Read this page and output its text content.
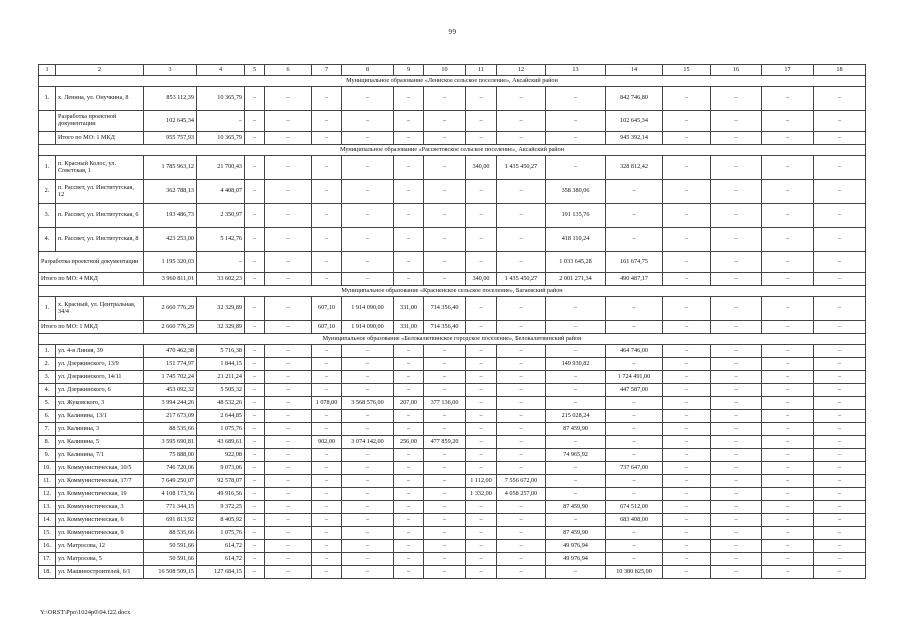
99
1	2	3	4	5	6	7	8	9	10	11	12	13	14	15	16	17	18
Муниципальное образование «Лениское сельское поселение», Аксайский район																	
1.	х. Ленина, ул. Онучкина, 8	853 112,39	10 365,79	–	–	–	–	–	–	–	–	–	842 746,80	–	–	–	–
	Разработка проектной документации	102 645,34	–	–	–	–	–	–	–	–	–	–	102 645,34	–	–	–	–
	Итого по МО: 1 МКД	955 757,93	10 365,79	–	–	–	–	–	–	–	–	–	945 392,14	–	–	–	–
Муниципальное образование «Рассветовское сельское поселение», Аксайский район																	
1.	п. Красный Колос, ул. Советская, 1	1 785 963,12	21 700,43	–	–	–	–	–	–	340,00	1 435 450,27	–	328 812,42	–	–	–	–
2.	п. Рассвет, ул. Институтская, 12	362 788,13	4 408,07	–	–	–	–	–	–	–	–	358 380,06	–	–	–	–	–
3.	п. Рассвет, ул. Институтская, 6	193 486,73	2 350,97	–	–	–	–	–	–	–	–	191 135,76	–	–	–	–	–
4.	п. Рассвет, ул. Институтская, 8	423 253,00	5 142,76	–	–	–	–	–	–	–	–	418 110,24	–	–	–	–	–
Разработка проектной документации		1 195 320,03	–	–	–	–	–	–	–	–	–	1 033 645,28	161 674,75	–	–	–	–
Итого по МО: 4 МКД		3 960 811,01	33 602,23	–	–	–	–	–	–	340,00	1 435 450,27	2 001 271,34	490 487,17	–	–	–	–
Муниципальное образование «Красненское сельское поселение», Багаевский район																	
1.	х. Красный, ул. Центральная, 34/4	2 660 776,29	32 329,89	–	–	607,10	1 914 090,00	331,00	714 356,40	–	–	–	–	–	–	–	–
Итого по МО: 1 МКД		2 660 776,29	32 329,89	–	–	607,10	1 914 090,00	331,00	714 356,40	–	–	–	–	–	–	–	–
Муниципальное образование «Белокалитвинское городское поселение», Белокалитвинский район																	
1.	ул. 4-я Линия, 39	470 462,38	5 716,38	–	–	–	–	–	–	–	–	–	464 746,00	–	–	–	–
2.	ул. Дзержинского, 13/9	151 774,97	1 844,15	–	–	–	–	–	–	–	–	149 930,82	–	–	–	–	–
3.	ул. Дзержинского, 14/11	1 745 702,24	21 211,24	–	–	–	–	–	–	–	–	–	1 724 491,00	–	–	–	–
4.	ул. Дзержинского, 6	453 092,32	5 505,32	–	–	–	–	–	–	–	–	–	447 587,00	–	–	–	–
5.	ул. Жуковского, 3	3 994 244,26	48 532,26	–	–	1 078,00	3 568 576,00	207,00	377 136,00	–	–	–	–	–	–	–	–
6.	ул. Калинина, 13/1	217 673,09	2 644,85	–	–	–	–	–	–	–	–	215 028,24	–	–	–	–	–
7.	ул. Калинина, 3	88 535,66	1 075,76	–	–	–	–	–	–	–	–	87 459,90	–	–	–	–	–
8.	ул. Калинина, 5	3 595 690,81	43 689,61	–	–	902,00	3 074 142,00	256,00	477 859,20	–	–	–	–	–	–	–	–
9.	ул. Калинина, 7/1	75 888,00	922,08	–	–	–	–	–	–	–	–	74 965,92	–	–	–	–	–
10.	ул. Коммунистическая, 10/5	746 720,06	9 073,06	–	–	–	–	–	–	–	–	–	737 647,00	–	–	–	–
11.	ул. Коммунистическая, 17/7	7 649 250,07	92 578,07	–	–	–	–	–	–	1 112,00	7 556 672,00	–	–	–	–	–	–
12.	ул. Коммунистическая, 19	4 108 173,56	49 916,56	–	–	–	–	–	–	1 332,00	4 058 257,00	–	–	–	–	–	–
13.	ул. Коммунистическая, 3	771 344,15	9 372,25	–	–	–	–	–	–	–	–	87 459,90	674 512,00	–	–	–	–
14.	ул. Коммунистическая, 6	691 813,92	8 405,92	–	–	–	–	–	–	–	–	–	683 408,00	–	–	–	–
15.	ул. Коммунистическая, 9	88 535,66	1 075,76	–	–	–	–	–	–	–	–	87 459,90	–	–	–	–	–
16.	ул. Матросова, 12	50 591,66	614,72	–	–	–	–	–	–	–	–	49 976,94	–	–	–	–	–
17.	ул. Матросова, 5	50 591,66	614,72	–	–	–	–	–	–	–	–	49 976,94	–	–	–	–	–
18.	ул. Машиностроителей, 6/1	16 508 509,15	127 684,15	–	–	–	–	–	–	–	–	–	10 380 825,00	–	–	–	–
Y:\ORST\Ppo\1024p0\04.f22.docx
